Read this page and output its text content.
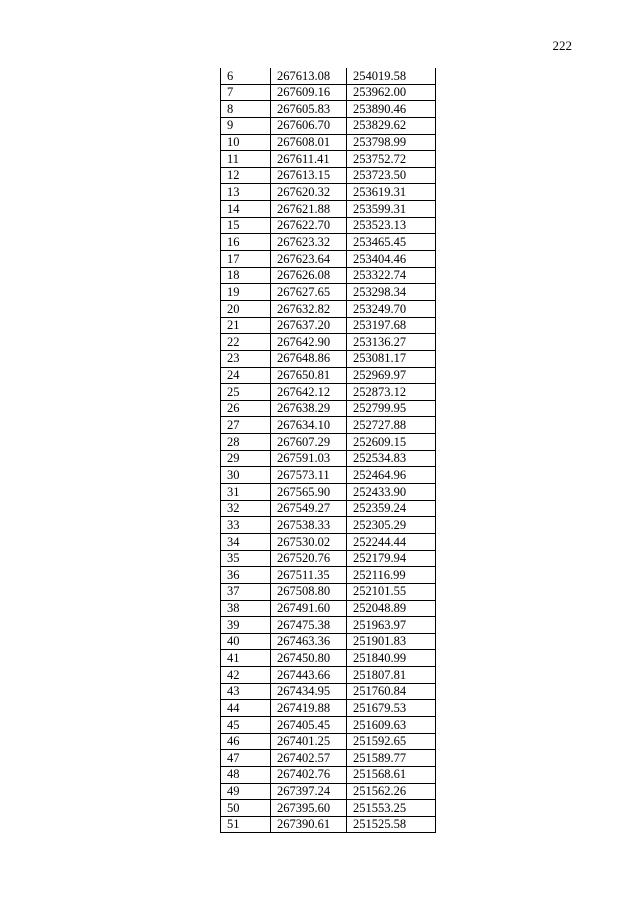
222
6	267613.08	254019.58
7	267609.16	253962.00
8	267605.83	253890.46
9	267606.70	253829.62
10	267608.01	253798.99
11	267611.41	253752.72
12	267613.15	253723.50
13	267620.32	253619.31
14	267621.88	253599.31
15	267622.70	253523.13
16	267623.32	253465.45
17	267623.64	253404.46
18	267626.08	253322.74
19	267627.65	253298.34
20	267632.82	253249.70
21	267637.20	253197.68
22	267642.90	253136.27
23	267648.86	253081.17
24	267650.81	252969.97
25	267642.12	252873.12
26	267638.29	252799.95
27	267634.10	252727.88
28	267607.29	252609.15
29	267591.03	252534.83
30	267573.11	252464.96
31	267565.90	252433.90
32	267549.27	252359.24
33	267538.33	252305.29
34	267530.02	252244.44
35	267520.76	252179.94
36	267511.35	252116.99
37	267508.80	252101.55
38	267491.60	252048.89
39	267475.38	251963.97
40	267463.36	251901.83
41	267450.80	251840.99
42	267443.66	251807.81
43	267434.95	251760.84
44	267419.88	251679.53
45	267405.45	251609.63
46	267401.25	251592.65
47	267402.57	251589.77
48	267402.76	251568.61
49	267397.24	251562.26
50	267395.60	251553.25
51	267390.61	251525.58
